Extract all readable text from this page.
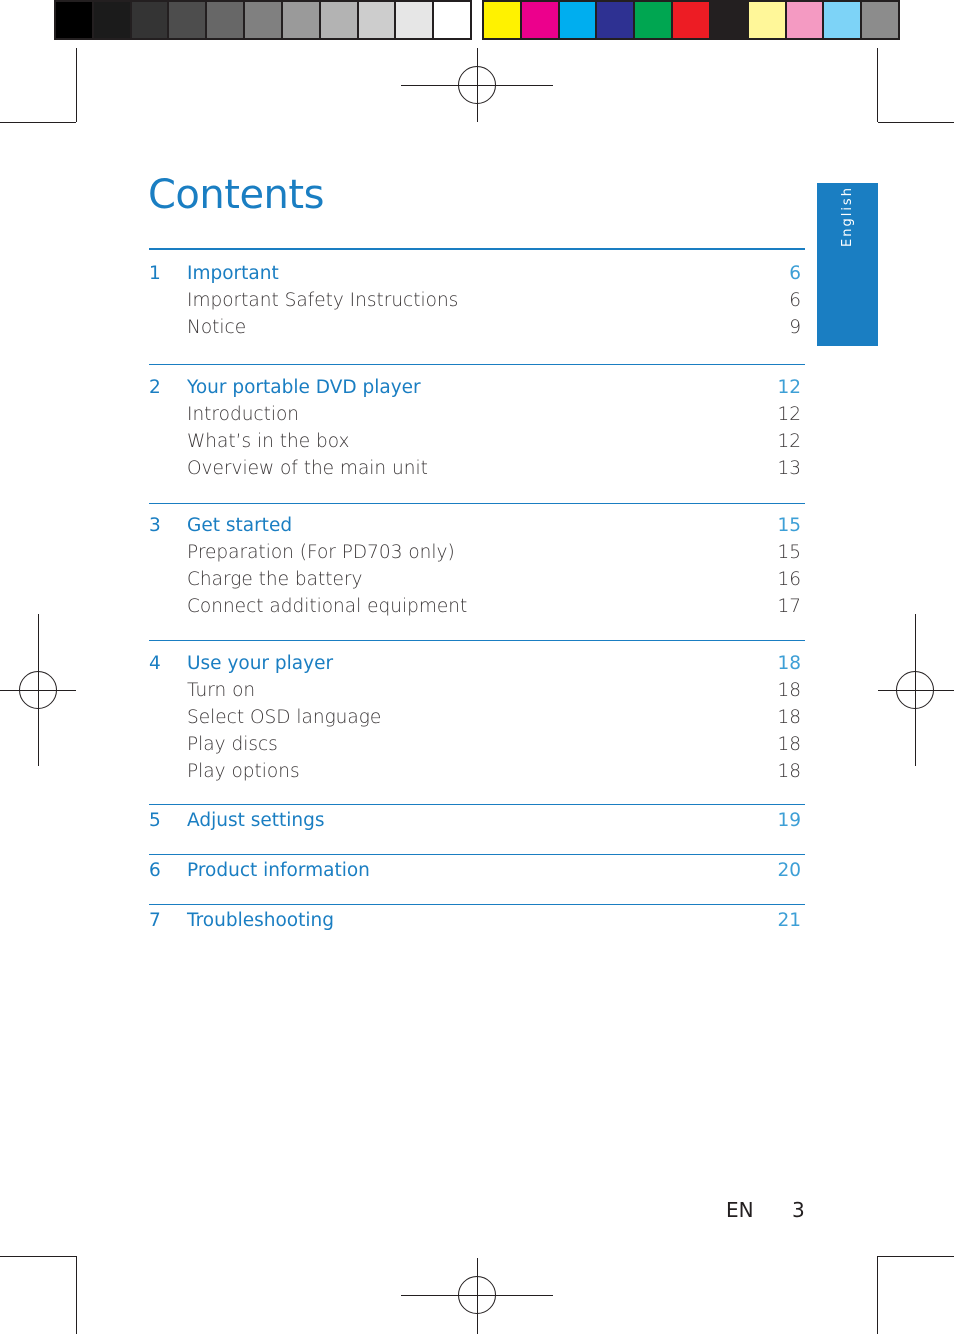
English
Contents
1 Important	6
Important Safety Instructions	6
Notice	9
2 Your portable DVD player	12
Introduction	12
What’s in the box	12
Overview of the main unit	13
3 Get started	15
Preparation (For PD703 only)	15
Charge the battery	16
Connect additional equipment	17
4 Use your player	18
Turn on	18
Select OSD language	18
Play discs	18
Play options	18
5 Adjust settings	19
6 Product information	20
7 Troubleshooting	21
EN 3
